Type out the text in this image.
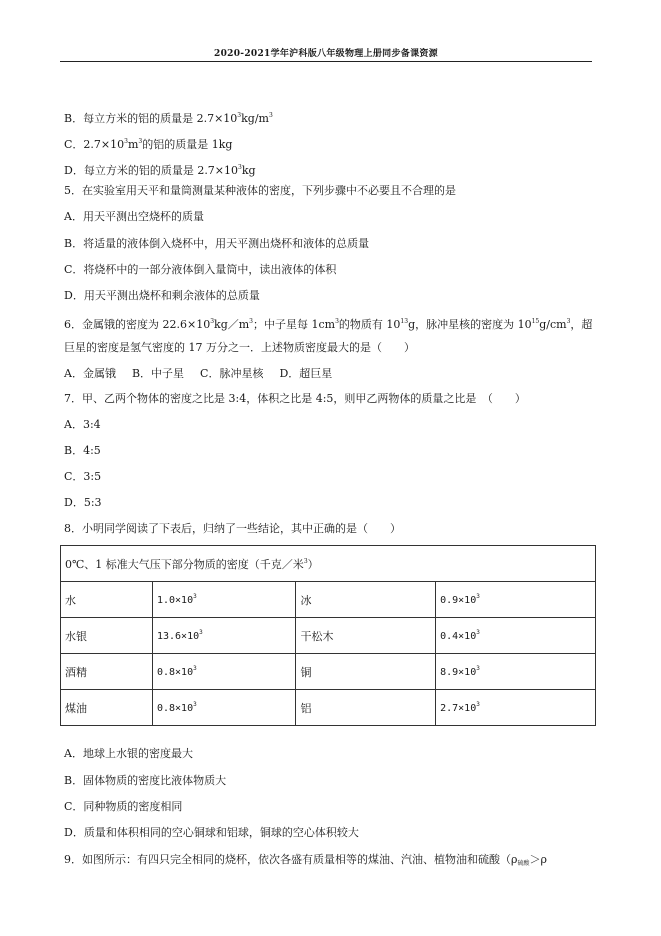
2020-2021学年沪科版八年级物理上册同步备课资源
B．每立方米的铝的质量是 $2.7\times 10^3kg/m^3$
C．$2.7\times 10^3m^3$的铝的质量是 1kg
D．每立方米的铝的质量是 $2.7\times 10^3kg$
5．在实验室用天平和量筒测量某种液体的密度，下列步骤中不必要且不合理的是
A．用天平测出空烧杯的质量
B．将适量的液体倒入烧杯中，用天平测出烧杯和液体的总质量
C．将烧杯中的一部分液体倒入量筒中，读出液体的体积
D．用天平测出烧杯和剩余液体的总质量
6．金属锇的密度为 $22.6\times 10^3kg/m^3$；中子星每 $1cm^3$的物质有 $10^{13}g$，脉冲星核的密度为 $10^{15}g/cm^3$，超
巨星的密度是氢气密度的 17 万分之一．上述物质密度最大的是（　　）
A．金属锇 B．中子星 C．脉冲星核 D．超巨星
7．甲、乙两个物体的密度之比是 3:4，体积之比是 4:5，则甲乙两物体的质量之比是　（　　）
A．3:4
B．4:5
C．3:5
D．5:3
8．小明同学阅读了下表后，归纳了一些结论，其中正确的是（　　）
0℃、1 标准大气压下部分物质的密度（千克／米$^3$）			
水	$1.0\times 10^3$	冰	$0.9\times 10^3$
水银	$13.6\times 10^3$	干松木	$0.4\times 10^3$
酒精	$0.8\times 10^3$	铜	$8.9\times 10^3$
煤油	$0.8\times 10^3$	铝	$2.7\times 10^3$
A．地球上水银的密度最大
B．固体物质的密度比液体物质大
C．同种物质的密度相同
D．质量和体积相同的空心铜球和铝球，铜球的空心体积较大
9．如图所示：有四只完全相同的烧杯，依次各盛有质量相等的煤油、汽油、植物油和硫酸（$\rho_{硫酸}>\rho$
